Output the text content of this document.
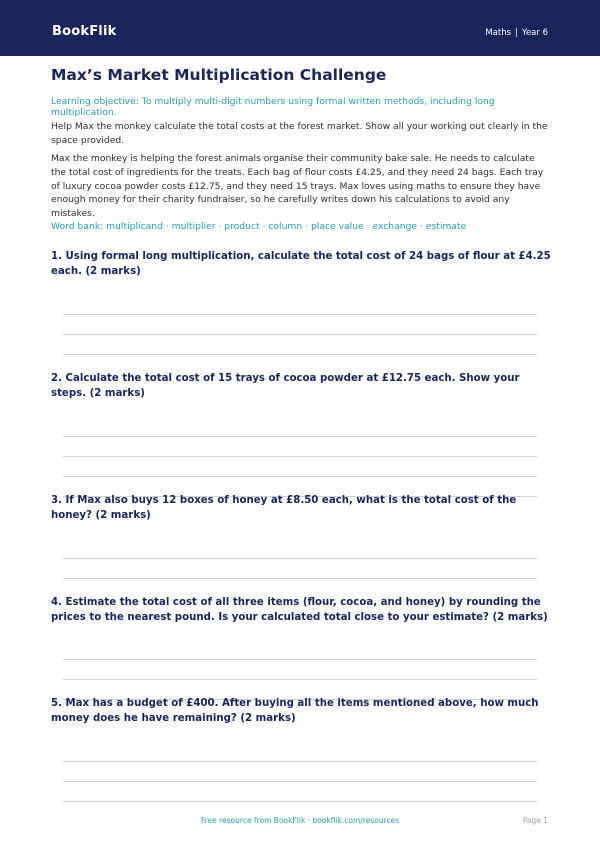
BookFlik	Maths | Year 6
Max’s Market Multiplication Challenge
Learning objective: To multiply multi-digit numbers using formal written methods, including long multiplication.
Help Max the monkey calculate the total costs at the forest market. Show all your working out clearly in the space provided.
Max the monkey is helping the forest animals organise their community bake sale. He needs to calculate the total cost of ingredients for the treats. Each bag of flour costs £4.25, and they need 24 bags. Each tray of luxury cocoa powder costs £12.75, and they need 15 trays. Max loves using maths to ensure they have enough money for their charity fundraiser, so he carefully writes down his calculations to avoid any mistakes.
Word bank: multiplicand · multiplier · product · column · place value · exchange · estimate
1. Using formal long multiplication, calculate the total cost of 24 bags of flour at £4.25 each. (2 marks)
2. Calculate the total cost of 15 trays of cocoa powder at £12.75 each. Show your steps. (2 marks)
3. If Max also buys 12 boxes of honey at £8.50 each, what is the total cost of the honey? (2 marks)
4. Estimate the total cost of all three items (flour, cocoa, and honey) by rounding the prices to the nearest pound. Is your calculated total close to your estimate? (2 marks)
5. Max has a budget of £400. After buying all the items mentioned above, how much money does he have remaining? (2 marks)
Free resource from BookFlik · bookflik.com/resources	Page 1
